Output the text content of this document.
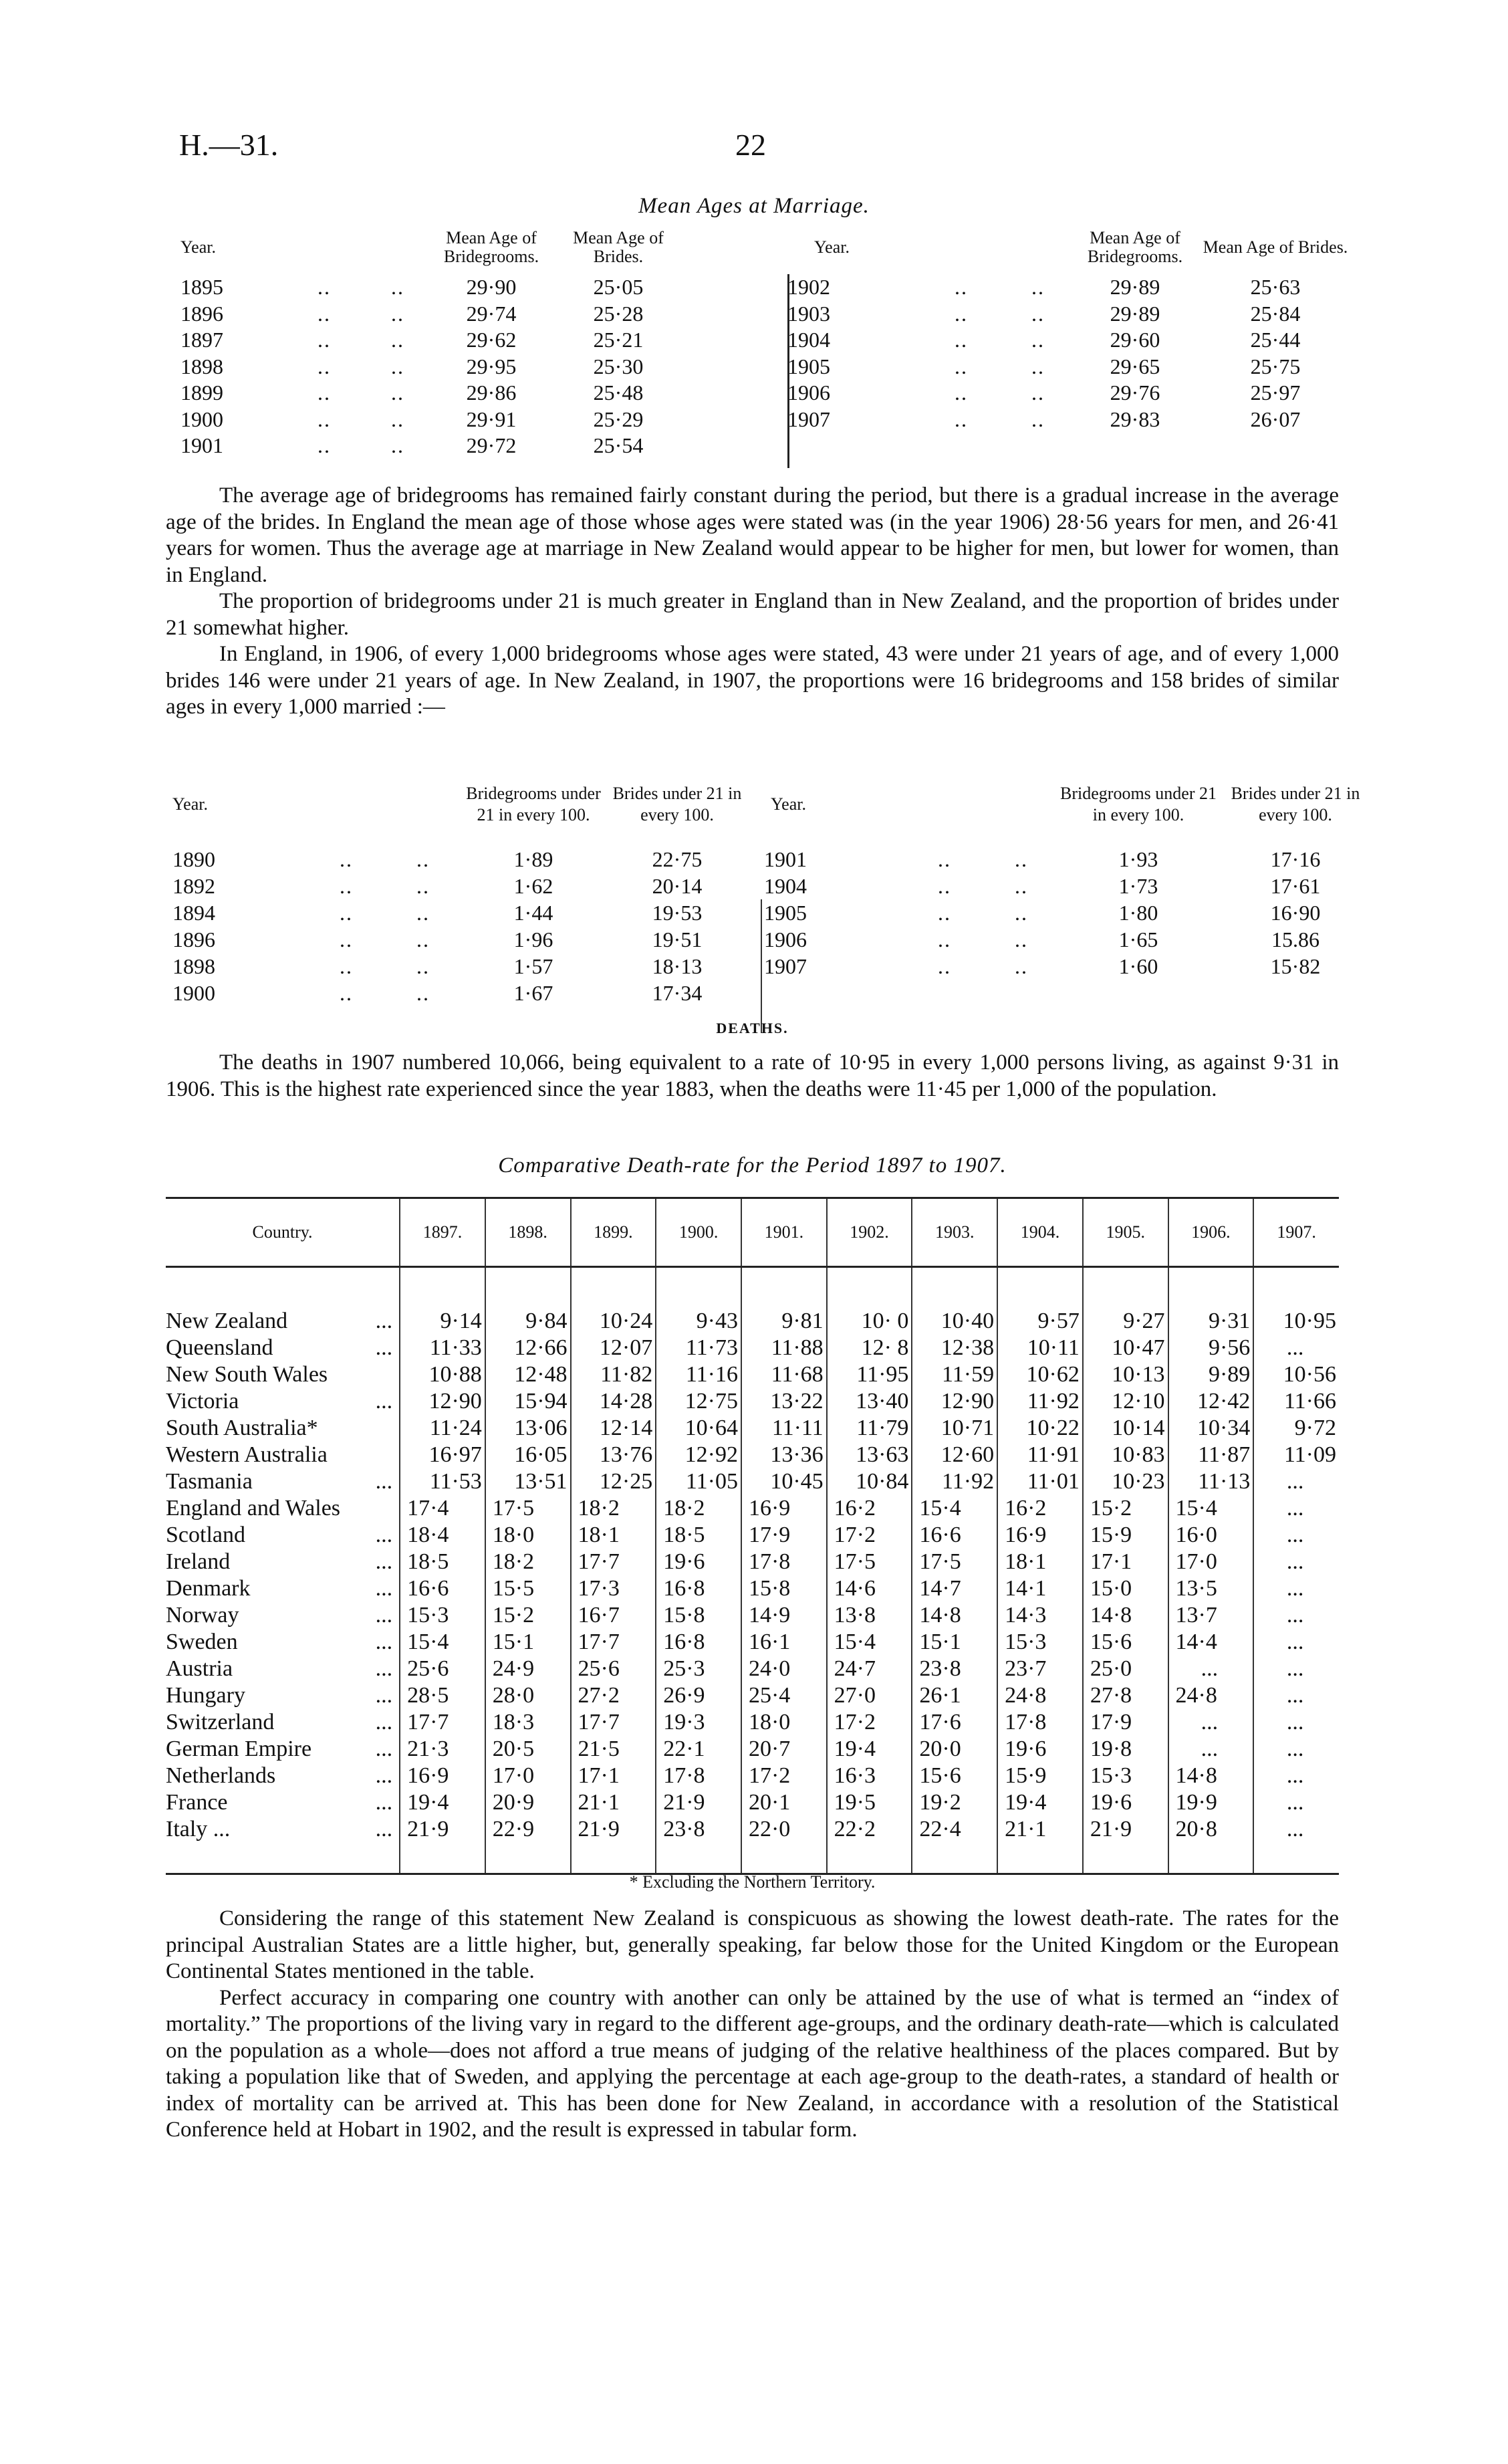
H.—31.	22
Mean Ages at Marriage.
Year.	Mean Age of Bridegrooms.
Mean Age of Brides.
1895	..	..	29·90	25·05
1896	..	..	29·74	25·28
1897	..	..	29·62	25·21
1898	..	..	29·95	25·30
1899	..	..	29·86	25·48
1900	..	..	29·91	25·29
1901	..	..	29·72	25·54
Year.	Mean Age of Bridegrooms.	Mean Age of Brides.
1902	..	..	29·89	25·63
1903	..	..	29·89	25·84
1904	..	..	29·60	25·44
1905	..	..	29·65	25·75
1906	..	..	29·76	25·97
1907	..	..	29·83	26·07

The average age of bridegrooms has remained fairly constant during the period, but there is a gradual increase in the average age of the brides. In England the mean age of those whose ages were stated was (in the year 1906) 28·56 years for men, and 26·41 years for women. Thus the average age at marriage in New Zealand would appear to be higher for men, but lower for women, than in England.

The proportion of bridegrooms under 21 is much greater in England than in New Zealand, and the proportion of brides under 21 somewhat higher.

In England, in 1906, of every 1,000 bridegrooms whose ages were stated, 43 were under 21 years of age, and of every 1,000 brides 146 were under 21 years of age. In New Zealand, in 1907, the proportions were 16 bridegrooms and 158 brides of similar ages in every 1,000 married :—

Year.
Bridegrooms under 21 in every 100.
Brides under 21 in every 100.
1890	..	..	1·89	22·75
1892	..	..	1·62	20·14
1894	..	..	1·44	19·53
1896	..	..	1·96	19·51
1898	..	..	1·57	18·13
1900	..	..	1·67	17·34
Year.
Bridegrooms under 21 in every 100.
Brides under 21 in every 100.
1901	..	..	1·93	17·16
1904	..	..	1·73	17·61
1905	..	..	1·80	16·90
1906	..	..	1·65	15.86
1907	..	..	1·60	15·82
DEATHS.

The deaths in 1907 numbered 10,066, being equivalent to a rate of 10·95 in every 1,000 persons living, as against 9·31 in 1906. This is the highest rate experienced since the year 1883, when the deaths were 11·45 per 1,000 of the population.

Comparative Death-rate for the Period 1897 to 1907.
Country.	1897.	1898.	1899.	1900.	1901.	1902.	1903.	1904.	1905.	1906.	1907.

New Zealand ...	9·14	9·84	10·24	9·43	9·81	10· 0	10·40	9·57	9·27	9·31	10·95
Queensland ...	11·33	12·66	12·07	11·73	11·88	12· 8	12·38	10·11	10·47	9·56	...
New South Wales	10·88	12·48	11·82	11·16	11·68	11·95	11·59	10·62	10·13	9·89	10·56
Victoria ...	12·90	15·94	14·28	12·75	13·22	13·40	12·90	11·92	12·10	12·42	11·66
South Australia*	11·24	13·06	12·14	10·64	11·11	11·79	10·71	10·22	10·14	10·34	9·72
Western Australia	16·97	16·05	13·76	12·92	13·36	13·63	12·60	11·91	10·83	11·87	11·09
Tasmania ...	11·53	13·51	12·25	11·05	10·45	10·84	11·92	11·01	10·23	11·13	...
England and Wales	17·4	17·5	18·2	18·2	16·9	16·2	15·4	16·2	15·2	15·4	...
Scotland ...	18·4	18·0	18·1	18·5	17·9	17·2	16·6	16·9	15·9	16·0	...
Ireland ...	18·5	18·2	17·7	19·6	17·8	17·5	17·5	18·1	17·1	17·0	...
Denmark ...	16·6	15·5	17·3	16·8	15·8	14·6	14·7	14·1	15·0	13·5	...
Norway ...	15·3	15·2	16·7	15·8	14·9	13·8	14·8	14·3	14·8	13·7	...
Sweden ...	15·4	15·1	17·7	16·8	16·1	15·4	15·1	15·3	15·6	14·4	...
Austria ...	25·6	24·9	25·6	25·3	24·0	24·7	23·8	23·7	25·0	...	...
Hungary ...	28·5	28·0	27·2	26·9	25·4	27·0	26·1	24·8	27·8	24·8	...
Switzerland ...	17·7	18·3	17·7	19·3	18·0	17·2	17·6	17·8	17·9	...	...
German Empire ...	21·3	20·5	21·5	22·1	20·7	19·4	20·0	19·6	19·8	...	...
Netherlands ...	16·9	17·0	17·1	17·8	17·2	16·3	15·6	15·9	15·3	14·8	...
France ...	19·4	20·9	21·1	21·9	20·1	19·5	19·2	19·4	19·6	19·9	...
Italy ... ...	21·9	22·9	21·9	23·8	22·0	22·2	22·4	21·1	21·9	20·8	...

* Excluding the Northern Territory.

Considering the range of this statement New Zealand is conspicuous as showing the lowest death-rate. The rates for the principal Australian States are a little higher, but, generally speaking, far below those for the United Kingdom or the European Continental States mentioned in the table.

Perfect accuracy in comparing one country with another can only be attained by the use of what is termed an “index of mortality.” The proportions of the living vary in regard to the different age-groups, and the ordinary death-rate—which is calculated on the population as a whole—does not afford a true means of judging of the relative healthiness of the places compared. But by taking a population like that of Sweden, and applying the percentage at each age-group to the death-rates, a standard of health or index of mortality can be arrived at. This has been done for New Zealand, in accordance with a resolution of the Statistical Conference held at Hobart in 1902, and the result is expressed in tabular form.
